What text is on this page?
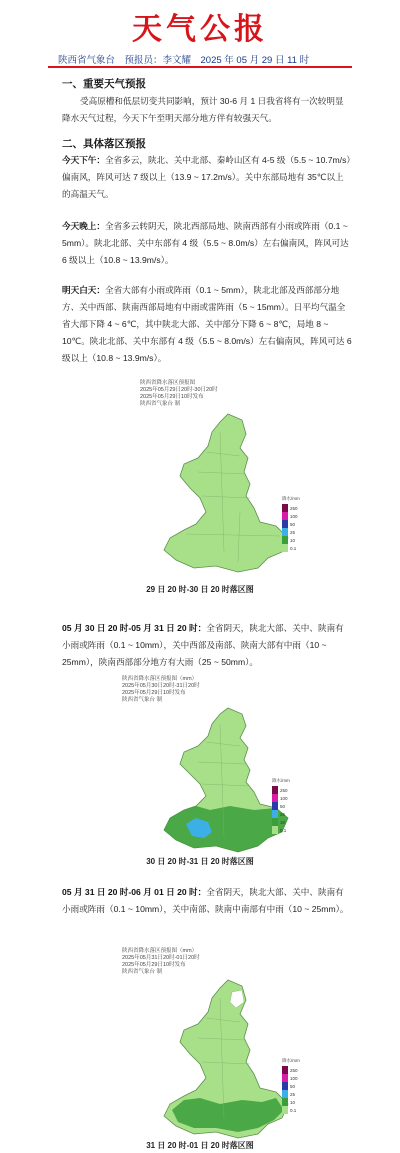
天气公报
陕西省气象台　预报员：李文耀　2025 年 05 月 29 日 11 时
一、重要天气预报
受高原槽和低层切变共同影响，预计 30-6 月 1 日我省将有一次较明显降水天气过程，今天下午至明天部分地方伴有较强天气。
二、具体落区预报
今天下午：全省多云，陕北、关中北部、秦岭山区有 4-5 级（5.5 ~ 10.7m/s）偏南风，阵风可达 7 级以上（13.9 ~ 17.2m/s）。关中东部局地有 35℃以上的高温天气。
今天晚上：全省多云转阴天，陕北西部局地、陕南西部有小雨或阵雨（0.1 ~ 5mm）。陕北北部、关中东部有 4 级（5.5 ~ 8.0m/s）左右偏南风，阵风可达 6 级以上（10.8 ~ 13.9m/s）。
明天白天：全省大部有小雨或阵雨（0.1 ~ 5mm），陕北北部及西部部分地方、关中西部、陕南西部局地有中雨或雷阵雨（5 ~ 15mm）。日平均气温全省大部下降 4 ~ 6℃，其中陕北大部、关中部分下降 6 ~ 8℃，局地 8 ~ 10℃。陕北北部、关中东部有 4 级（5.5 ~ 8.0m/s）左右偏南风，阵风可达 6 级以上（10.8 ~ 13.9m/s）。
陕西省降水落区预报图
2025年05月29日20时-30日20时
2025年05月29日10时发布
陕西省气象台 制
降水/mm
250
100
50
25
10
0.1
29 日 20 时-30 日 20 时落区图
05 月 30 日 20 时-05 月 31 日 20 时：全省阴天，陕北大部、关中、陕南有小雨或阵雨（0.1 ~ 10mm），关中西部及南部、陕南大部有中雨（10 ~ 25mm），陕南西部部分地方有大雨（25 ~ 50mm）。
陕西省降水落区预报图（mm）
2025年05月30日20时-31日20时
2025年05月29日10时发布
陕西省气象台 制
降水/mm
250
100
50
25
10
0.1
30 日 20 时-31 日 20 时落区图
05 月 31 日 20 时-06 月 01 日 20 时：全省阴天，陕北大部、关中、陕南有小雨或阵雨（0.1 ~ 10mm），关中南部、陕南中南部有中雨（10 ~ 25mm）。
陕西省降水落区预报图（mm）
2025年05月31日20时-01日20时
2025年05月29日10时发布
陕西省气象台 制
降水/mm
250
100
50
25
10
0.1
31 日 20 时-01 日 20 时落区图
